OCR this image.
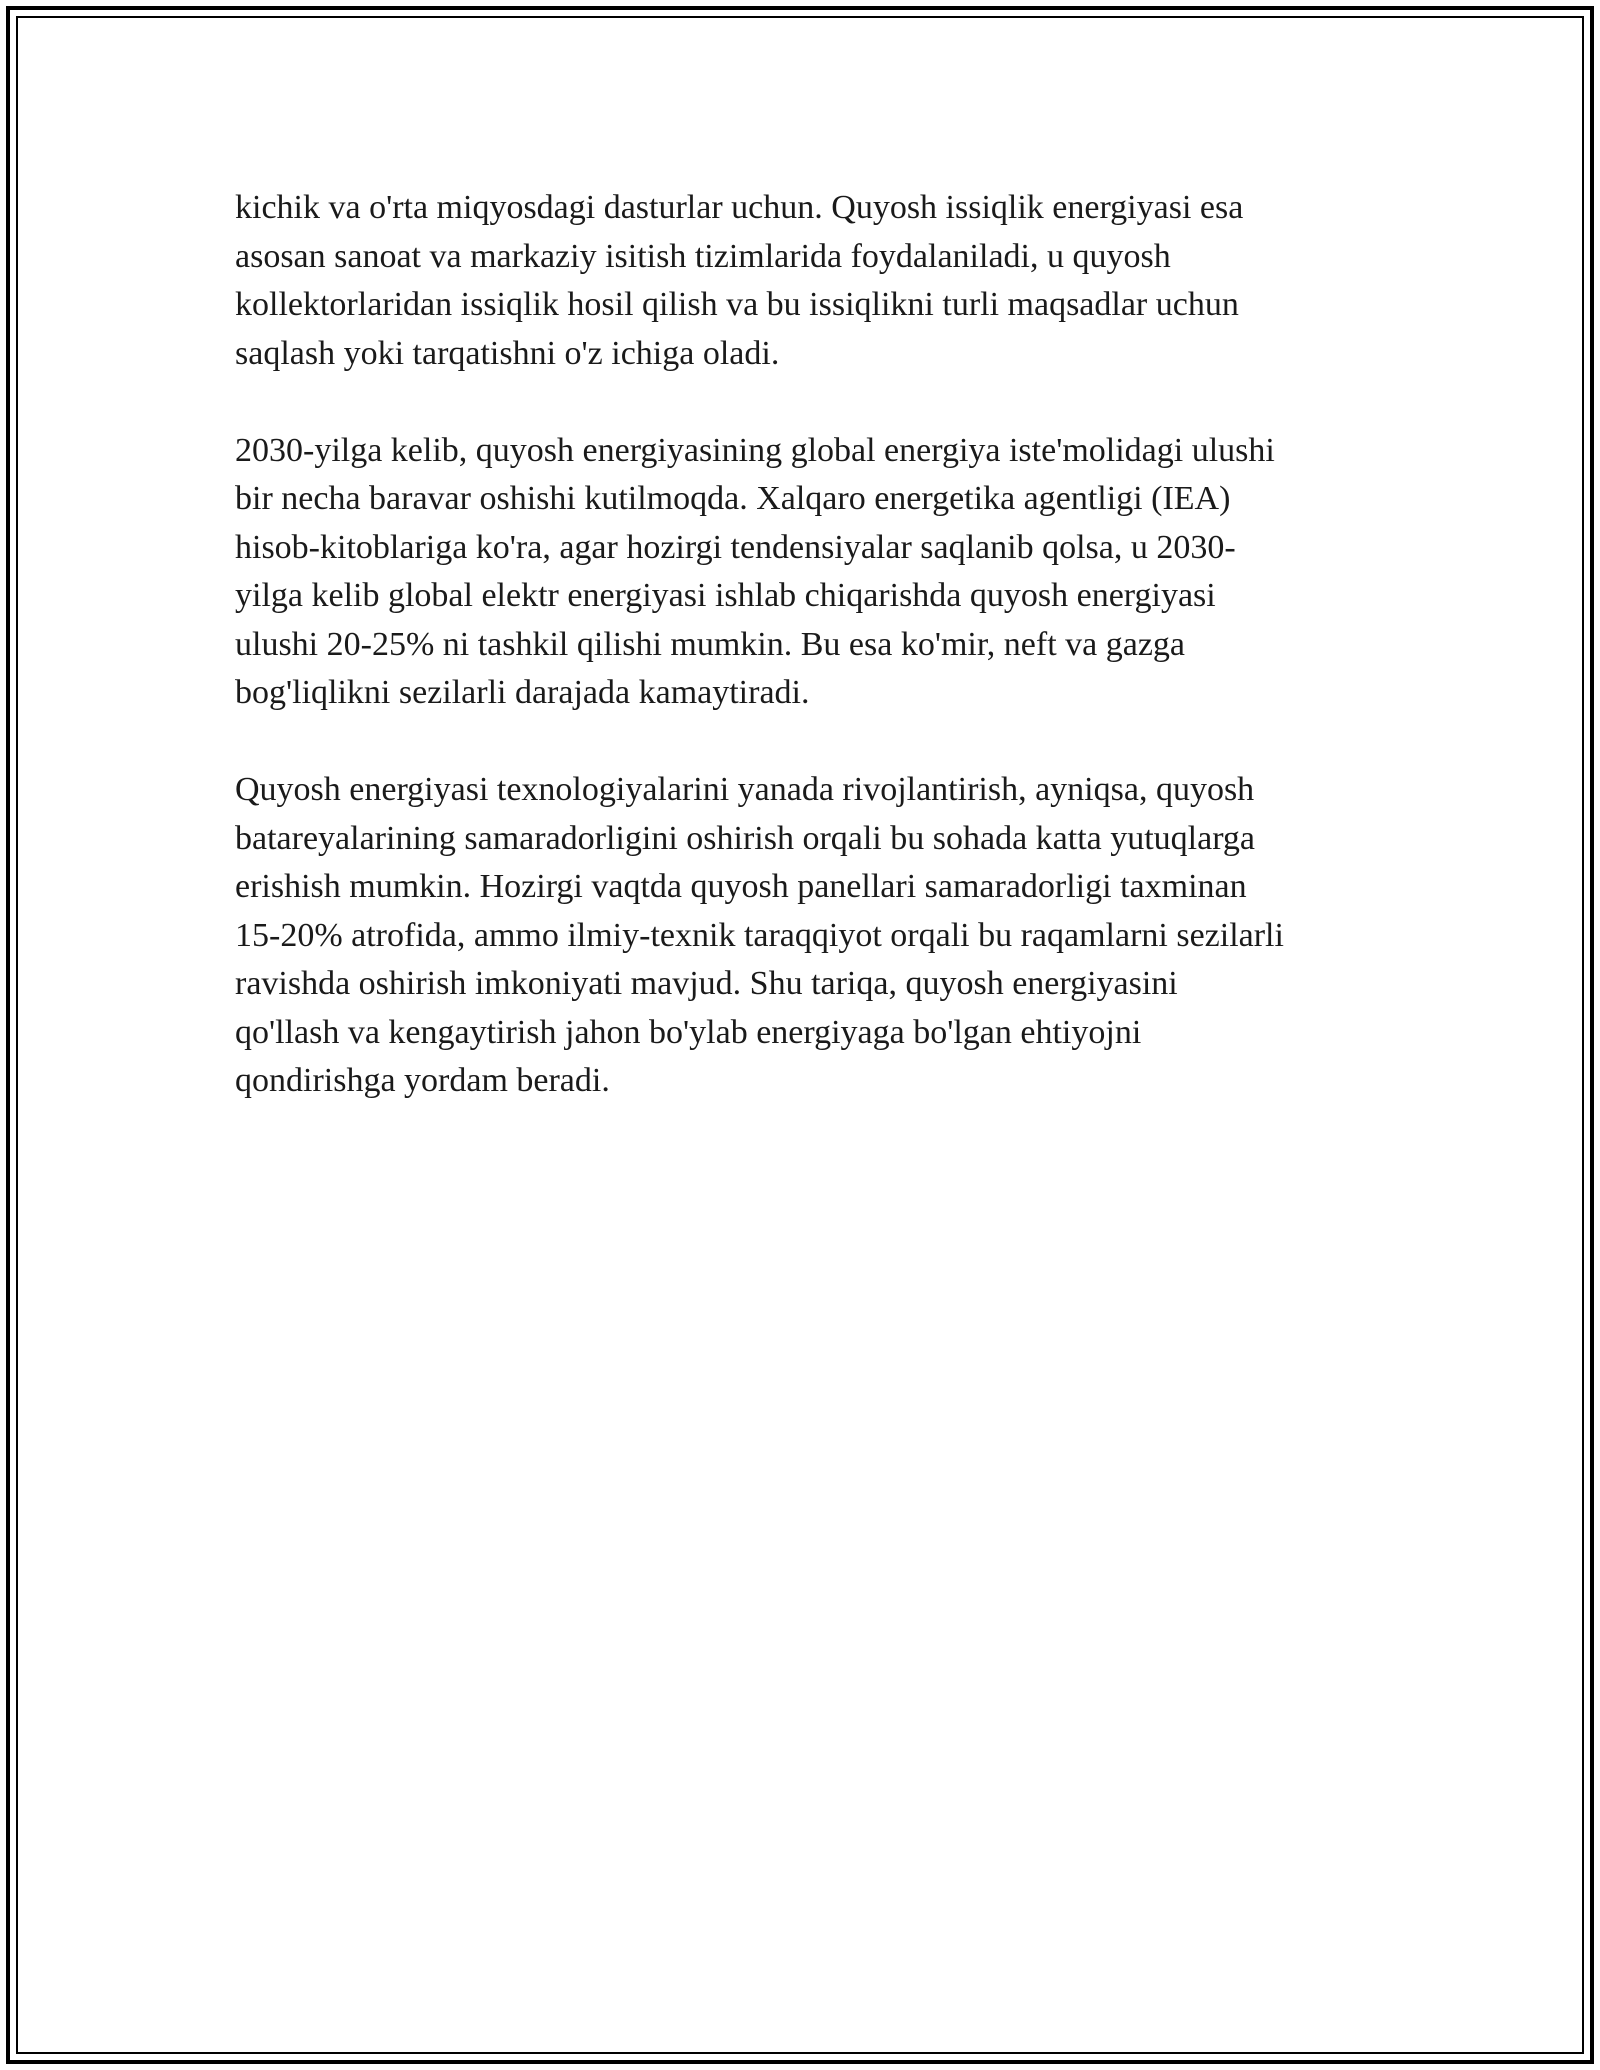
kichik va o'rta miqyosdagi dasturlar uchun. Quyosh issiqlik energiyasi esa
asosan sanoat va markaziy isitish tizimlarida foydalaniladi, u quyosh
kollektorlaridan issiqlik hosil qilish va bu issiqlikni turli maqsadlar uchun
saqlash yoki tarqatishni o'z ichiga oladi.

2030-yilga kelib, quyosh energiyasining global energiya iste'molidagi ulushi
bir necha baravar oshishi kutilmoqda. Xalqaro energetika agentligi (IEA)
hisob-kitoblariga ko'ra, agar hozirgi tendensiyalar saqlanib qolsa, u 2030-
yilga kelib global elektr energiyasi ishlab chiqarishda quyosh energiyasi
ulushi 20-25% ni tashkil qilishi mumkin. Bu esa ko'mir, neft va gazga
bog'liqlikni sezilarli darajada kamaytiradi.

Quyosh energiyasi texnologiyalarini yanada rivojlantirish, ayniqsa, quyosh
batareyalarining samaradorligini oshirish orqali bu sohada katta yutuqlarga
erishish mumkin. Hozirgi vaqtda quyosh panellari samaradorligi taxminan
15-20% atrofida, ammo ilmiy-texnik taraqqiyot orqali bu raqamlarni sezilarli
ravishda oshirish imkoniyati mavjud. Shu tariqa, quyosh energiyasini
qo'llash va kengaytirish jahon bo'ylab energiyaga bo'lgan ehtiyojni
qondirishga yordam beradi.
